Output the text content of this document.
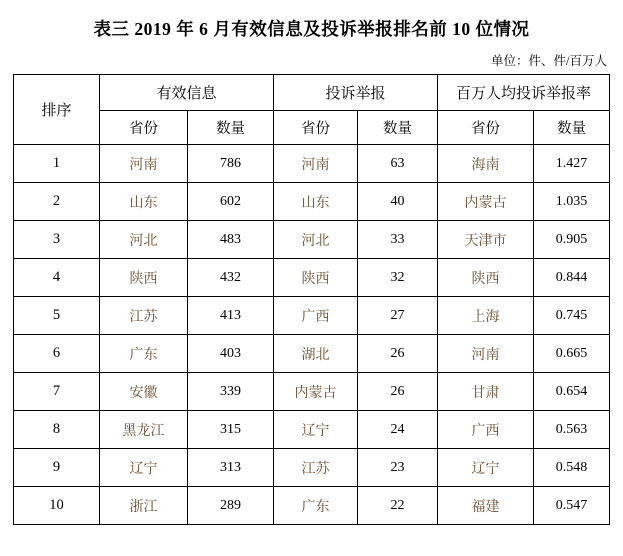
表三 2019 年 6 月有效信息及投诉举报排名前 10 位情况
单位：件、件/百万人
排序	有效信息		投诉举报		百万人均投诉举报率	
	省份	数量	省份	数量	省份	数量
1	河南	786	河南	63	海南	1.427
2	山东	602	山东	40	内蒙古	1.035
3	河北	483	河北	33	天津市	0.905
4	陕西	432	陕西	32	陕西	0.844
5	江苏	413	广西	27	上海	0.745
6	广东	403	湖北	26	河南	0.665
7	安徽	339	内蒙古	26	甘肃	0.654
8	黑龙江	315	辽宁	24	广西	0.563
9	辽宁	313	江苏	23	辽宁	0.548
10	浙江	289	广东	22	福建	0.547
